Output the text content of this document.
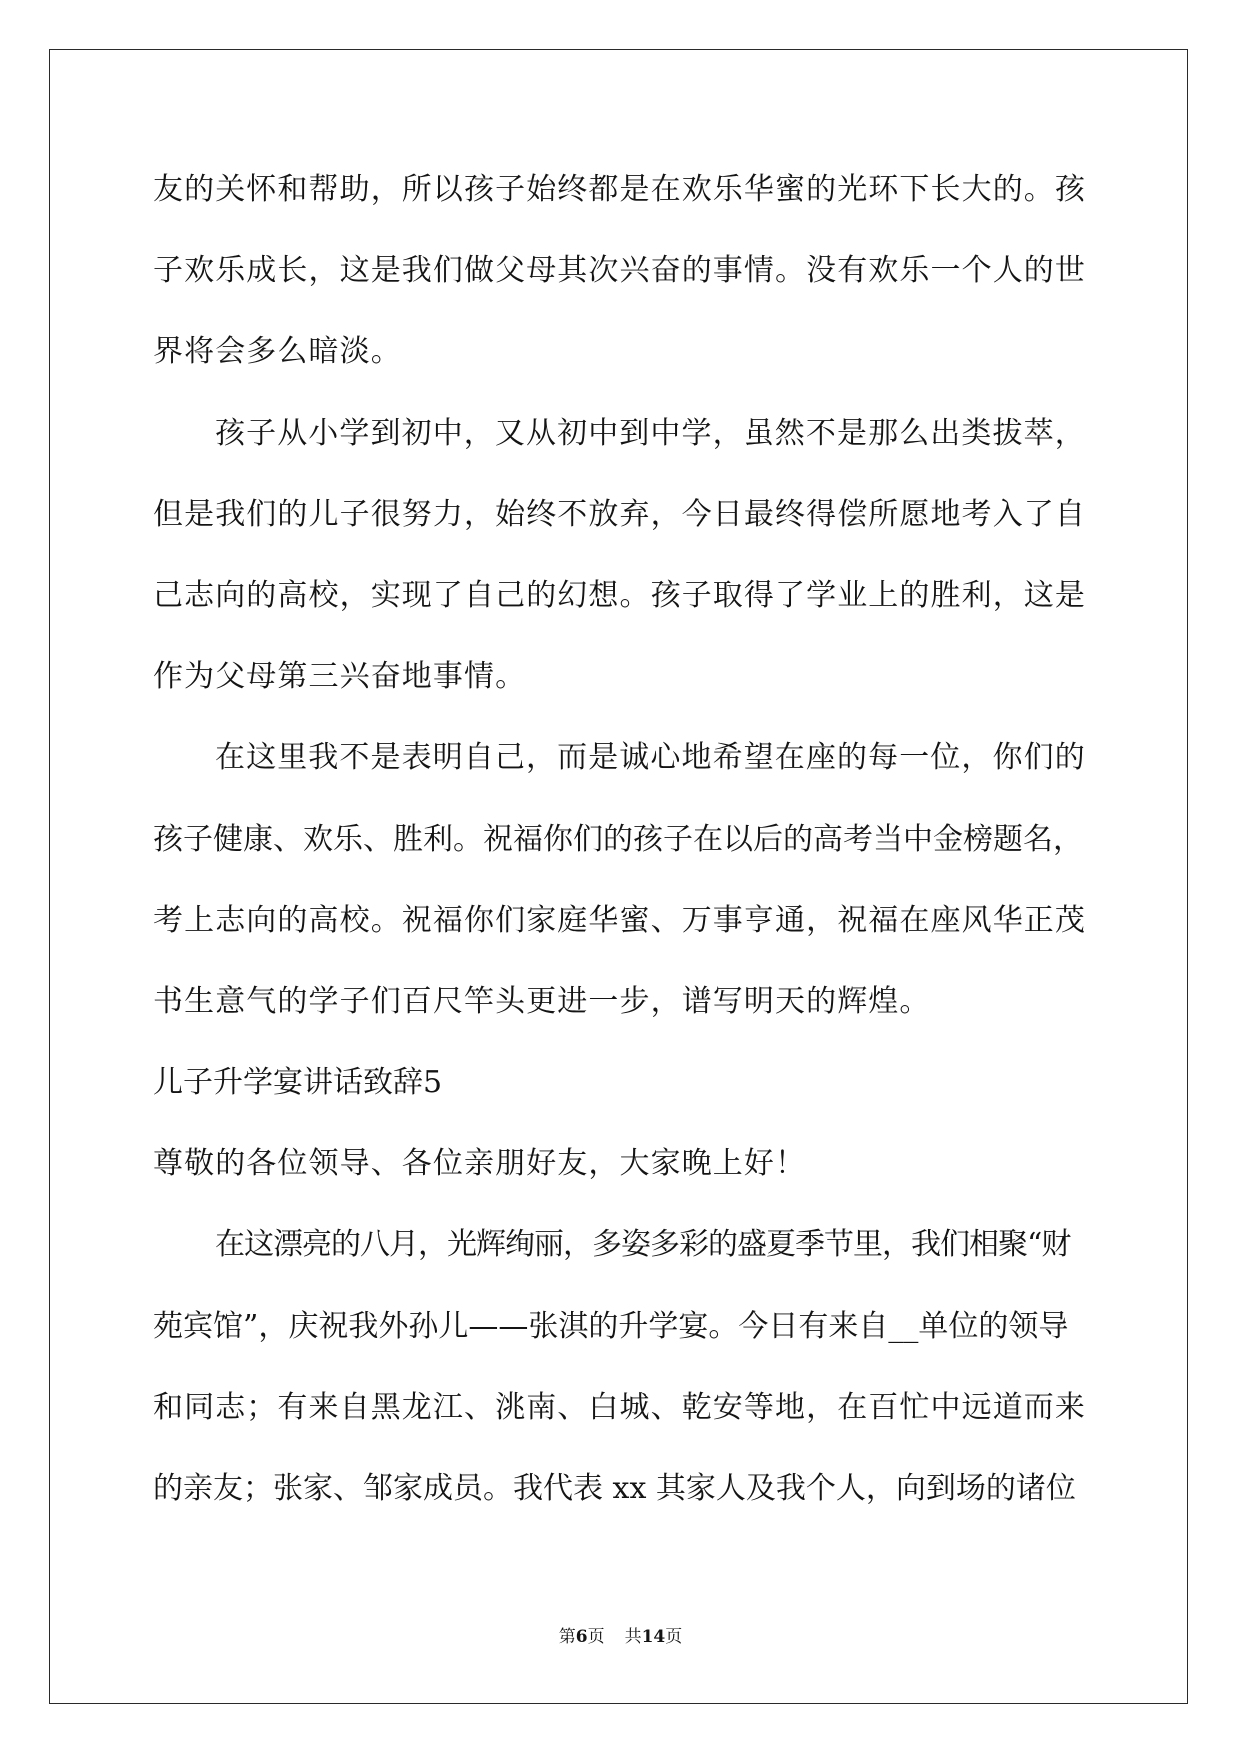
友的关怀和帮助，所以孩子始终都是在欢乐华蜜的光环下长大的。孩
子欢乐成长，这是我们做父母其次兴奋的事情。没有欢乐一个人的世
界将会多么暗淡。
孩子从小学到初中，又从初中到中学，虽然不是那么出类拔萃，
但是我们的儿子很努力，始终不放弃，今日最终得偿所愿地考入了自
己志向的高校，实现了自己的幻想。孩子取得了学业上的胜利，这是
作为父母第三兴奋地事情。
在这里我不是表明自己，而是诚心地希望在座的每一位，你们的
孩子健康、欢乐、胜利。祝福你们的孩子在以后的高考当中金榜题名，
考上志向的高校。祝福你们家庭华蜜、万事亨通，祝福在座风华正茂
书生意气的学子们百尺竿头更进一步，谱写明天的辉煌。
儿子升学宴讲话致辞5
尊敬的各位领导、各位亲朋好友，大家晚上好！
在这漂亮的八月，光辉绚丽，多姿多彩的盛夏季节里，我们相聚“财
苑宾馆”，庆祝我外孙儿——张淇的升学宴。今日有来自__单位的领导
和同志；有来自黑龙江、洮南、白城、乾安等地，在百忙中远道而来
的亲友；张家、邹家成员。我代表 xx 其家人及我个人，向到场的诸位
第6页 共14页
